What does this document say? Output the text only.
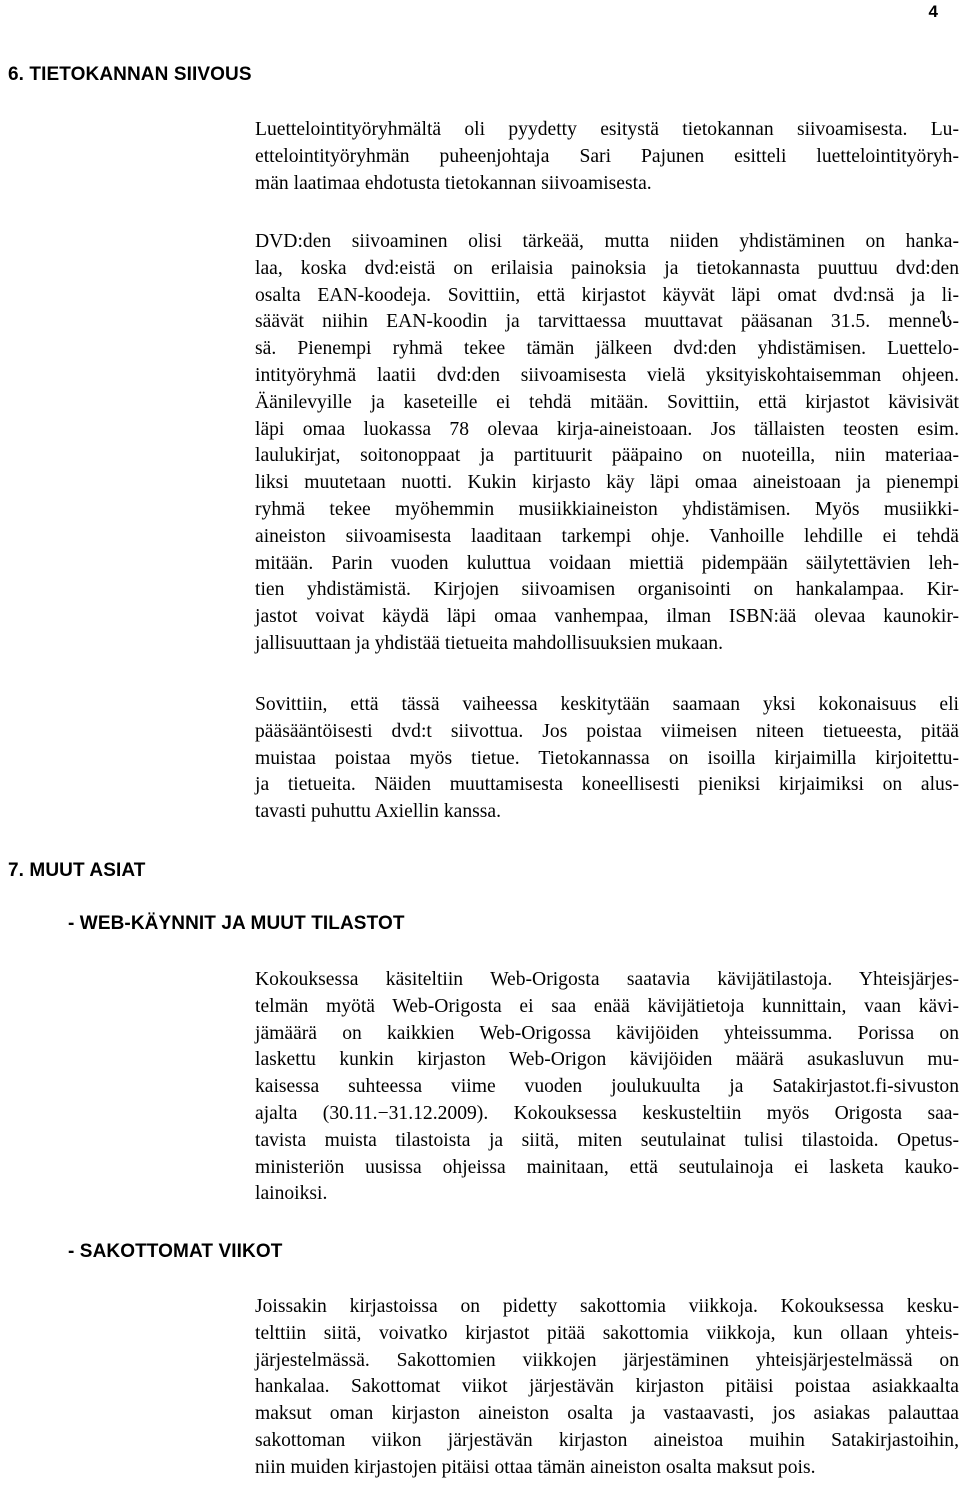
4
6. TIETOKANNAN SIIVOUS
Luettelointityöryhmältä oli pyydetty esitystä tietokannan siivoamisesta. Lu-
ettelointityöryhmän puheenjohtaja Sari Pajunen esitteli luettelointityöryh-
män laatimaa ehdotusta tietokannan siivoamisesta.
DVD:den siivoaminen olisi tärkeää, mutta niiden yhdistäminen on hanka-
laa, koska dvd:eistä on erilaisia painoksia ja tietokannasta puuttuu dvd:den
osalta EAN-koodeja. Sovittiin, että kirjastot käyvät läpi omat dvd:nsä ja li-
säävät niihin EAN-koodin ja tarvittaessa muuttavat pääsanan 31.5. menneს-
sä. Pienempi ryhmä tekee tämän jälkeen dvd:den yhdistämisen. Luettelo-
intityöryhmä laatii dvd:den siivoamisesta vielä yksityiskohtaisemman ohjeen.
Äänilevyille ja kaseteille ei tehdä mitään. Sovittiin, että kirjastot kävisivät
läpi omaa luokassa 78 olevaa kirja-aineistoaan. Jos tällaisten teosten esim.
laulukirjat, soitonoppaat ja partituurit pääpaino on nuoteilla, niin materiaa-
liksi muutetaan nuotti. Kukin kirjasto käy läpi omaa aineistoaan ja pienempi
ryhmä tekee myöhemmin musiikkiaineiston yhdistämisen. Myös musiikki-
aineiston siivoamisesta laaditaan tarkempi ohje. Vanhoille lehdille ei tehdä
mitään. Parin vuoden kuluttua voidaan miettiä pidempään säilytettävien leh-
tien yhdistämistä. Kirjojen siivoamisen organisointi on hankalampaa. Kir-
jastot voivat käydä läpi omaa vanhempaa, ilman ISBN:ää olevaa kaunokir-
jallisuuttaan ja yhdistää tietueita mahdollisuuksien mukaan.
Sovittiin, että tässä vaiheessa keskitytään saamaan yksi kokonaisuus eli
pääsääntöisesti dvd:t siivottua. Jos poistaa viimeisen niteen tietueesta, pitää
muistaa poistaa myös tietue. Tietokannassa on isoilla kirjaimilla kirjoitettu-
ja tietueita. Näiden muuttamisesta koneellisesti pieniksi kirjaimiksi on alus-
tavasti puhuttu Axiellin kanssa.
7. MUUT ASIAT
- WEB-KÄYNNIT JA MUUT TILASTOT
Kokouksessa käsiteltiin Web-Origosta saatavia kävijätilastoja. Yhteisjärjes-
telmän myötä Web-Origosta ei saa enää kävijätietoja kunnittain, vaan kävi-
jämäärä on kaikkien Web-Origossa kävijöiden yhteissumma. Porissa on
laskettu kunkin kirjaston Web-Origon kävijöiden määrä asukasluvun mu-
kaisessa suhteessa viime vuoden joulukuulta ja Satakirjastot.fi-sivuston
ajalta (30.11.−31.12.2009). Kokouksessa keskusteltiin myös Origosta saa-
tavista muista tilastoista ja siitä, miten seutulainat tulisi tilastoida. Opetus-
ministeriön uusissa ohjeissa mainitaan, että seutulainoja ei lasketa kauko-
lainoiksi.
- SAKOTTOMAT VIIKOT
Joissakin kirjastoissa on pidetty sakottomia viikkoja. Kokouksessa kesku-
telttiin siitä, voivatko kirjastot pitää sakottomia viikkoja, kun ollaan yhteis-
järjestelmässä. Sakottomien viikkojen järjestäminen yhteisjärjestelmässä on
hankalaa. Sakottomat viikot järjestävän kirjaston pitäisi poistaa asiakkaalta
maksut oman kirjaston aineiston osalta ja vastaavasti, jos asiakas palauttaa
sakottoman viikon järjestävän kirjaston aineistoa muihin Satakirjastoihin,
niin muiden kirjastojen pitäisi ottaa tämän aineiston osalta maksut pois.
